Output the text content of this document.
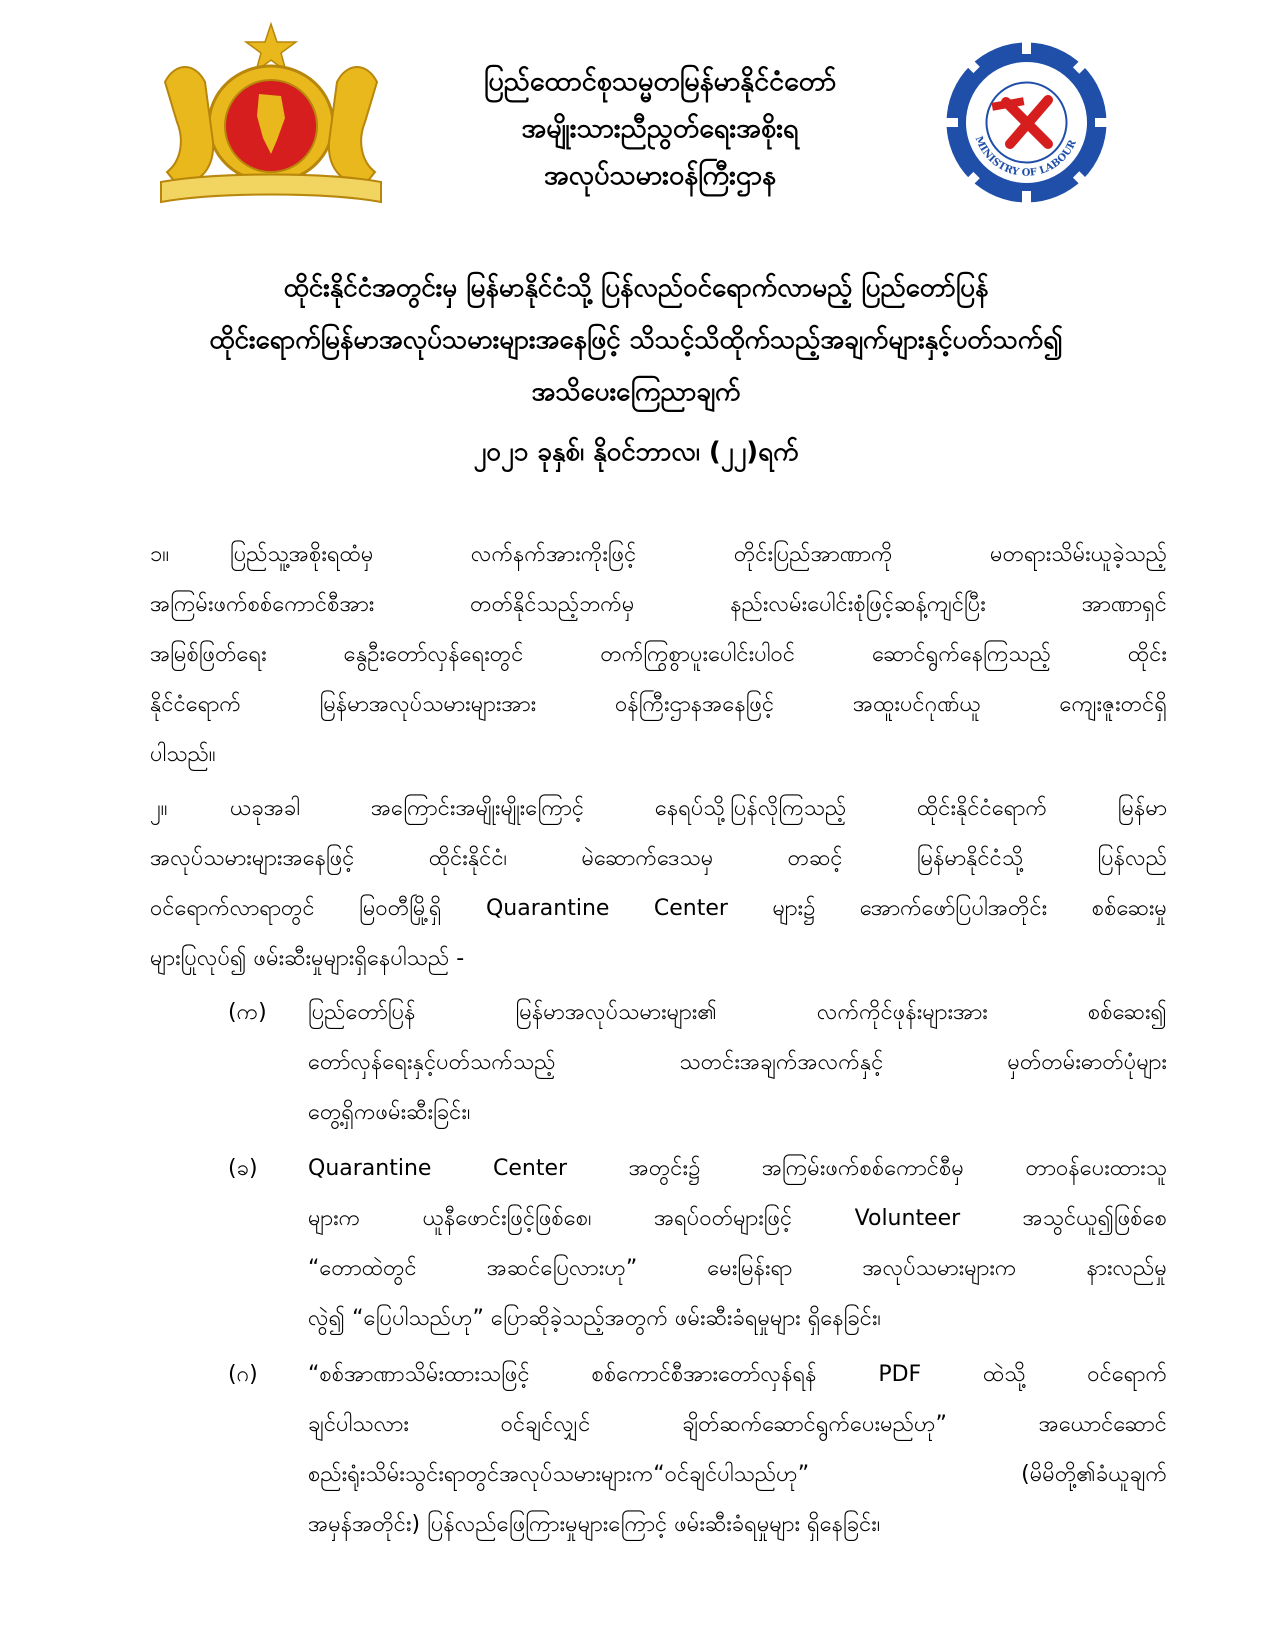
ပြည်ထောင်စုသမ္မတမြန်မာနိုင်ငံတော်
အမျိုးသားညီညွတ်ရေးအစိုးရ
အလုပ်သမားဝန်ကြီးဌာန
MINISTRY OF LABOUR
ထိုင်းနိုင်ငံအတွင်းမှ မြန်မာနိုင်ငံသို့ ပြန်လည်ဝင်ရောက်လာမည့် ပြည်တော်ပြန်
ထိုင်းရောက်မြန်မာအလုပ်သမားများအနေဖြင့် သိသင့်သိထိုက်သည့်အချက်များနှင့်ပတ်သက်၍
အသိပေးကြေညာချက်
၂၀၂၁ ခုနှစ်၊ နိုဝင်ဘာလ၊ (၂၂)ရက်
၁။	ပြည်သူ့အစိုးရထံမှ လက်နက်အားကိုးဖြင့် တိုင်းပြည်အာဏာကို မတရားသိမ်းယူခဲ့သည့်
အကြမ်းဖက်စစ်ကောင်စီအား တတ်နိုင်သည့်ဘက်မှ နည်းလမ်းပေါင်းစုံဖြင့်ဆန့်ကျင်ပြီး အာဏာရှင်
အမြစ်ဖြတ်ရေး နွေဦးတော်လှန်ရေးတွင် တက်ကြွစွာပူးပေါင်းပါဝင် ဆောင်ရွက်နေကြသည့် ထိုင်း
နိုင်ငံရောက် မြန်မာအလုပ်သမားများအား ဝန်ကြီးဌာနအနေဖြင့် အထူးပင်ဂုဏ်ယူ ကျေးဇူးတင်ရှိ
ပါသည်။
၂။	ယခုအခါ အကြောင်းအမျိုးမျိုးကြောင့် နေရပ်သို့ပြန်လိုကြသည့် ထိုင်းနိုင်ငံရောက် မြန်မာ
အလုပ်သမားများအနေဖြင့် ထိုင်းနိုင်ငံ၊ မဲဆောက်ဒေသမှ တဆင့် မြန်မာနိုင်ငံသို့ ပြန်လည်
ဝင်ရောက်လာရာတွင် မြဝတီမြို့ရှိ Quarantine Center များ၌ အောက်ဖော်ပြပါအတိုင်း စစ်ဆေးမှု
များပြုလုပ်၍ ဖမ်းဆီးမှုများရှိနေပါသည် -
(က) ပြည်တော်ပြန် မြန်မာအလုပ်သမားများ၏ လက်ကိုင်ဖုန်းများအား စစ်ဆေး၍
တော်လှန်ရေးနှင့်ပတ်သက်သည့် သတင်းအချက်အလက်နှင့် မှတ်တမ်းဓာတ်ပုံများ
တွေ့ရှိကဖမ်းဆီးခြင်း၊
(ခ) Quarantine Center အတွင်း၌ အကြမ်းဖက်စစ်ကောင်စီမှ တာဝန်ပေးထားသူ
များက ယူနီဖောင်းဖြင့်ဖြစ်စေ၊ အရပ်ဝတ်များဖြင့် Volunteer အသွင်ယူ၍ဖြစ်စေ
“တောထဲတွင် အဆင်ပြေလားဟု” မေးမြန်းရာ အလုပ်သမားများက နားလည်မှု
လွဲ၍ “ပြေပါသည်ဟု” ပြောဆိုခဲ့သည့်အတွက် ဖမ်းဆီးခံရမှုများ ရှိနေခြင်း၊
(ဂ) “စစ်အာဏာသိမ်းထားသဖြင့် စစ်ကောင်စီအားတော်လှန်ရန် PDF ထဲသို့ ဝင်ရောက်
ချင်ပါသလား ဝင်ချင်လျှင် ချိတ်ဆက်ဆောင်ရွက်ပေးမည်ဟု” အယောင်ဆောင်
စည်းရုံးသိမ်းသွင်းရာတွင်အလုပ်သမားများက“ဝင်ချင်ပါသည်ဟု” (မိမိတို့၏ခံယူချက်
အမှန်အတိုင်း) ပြန်လည်ဖြေကြားမှုများကြောင့် ဖမ်းဆီးခံရမှုများ ရှိနေခြင်း၊
